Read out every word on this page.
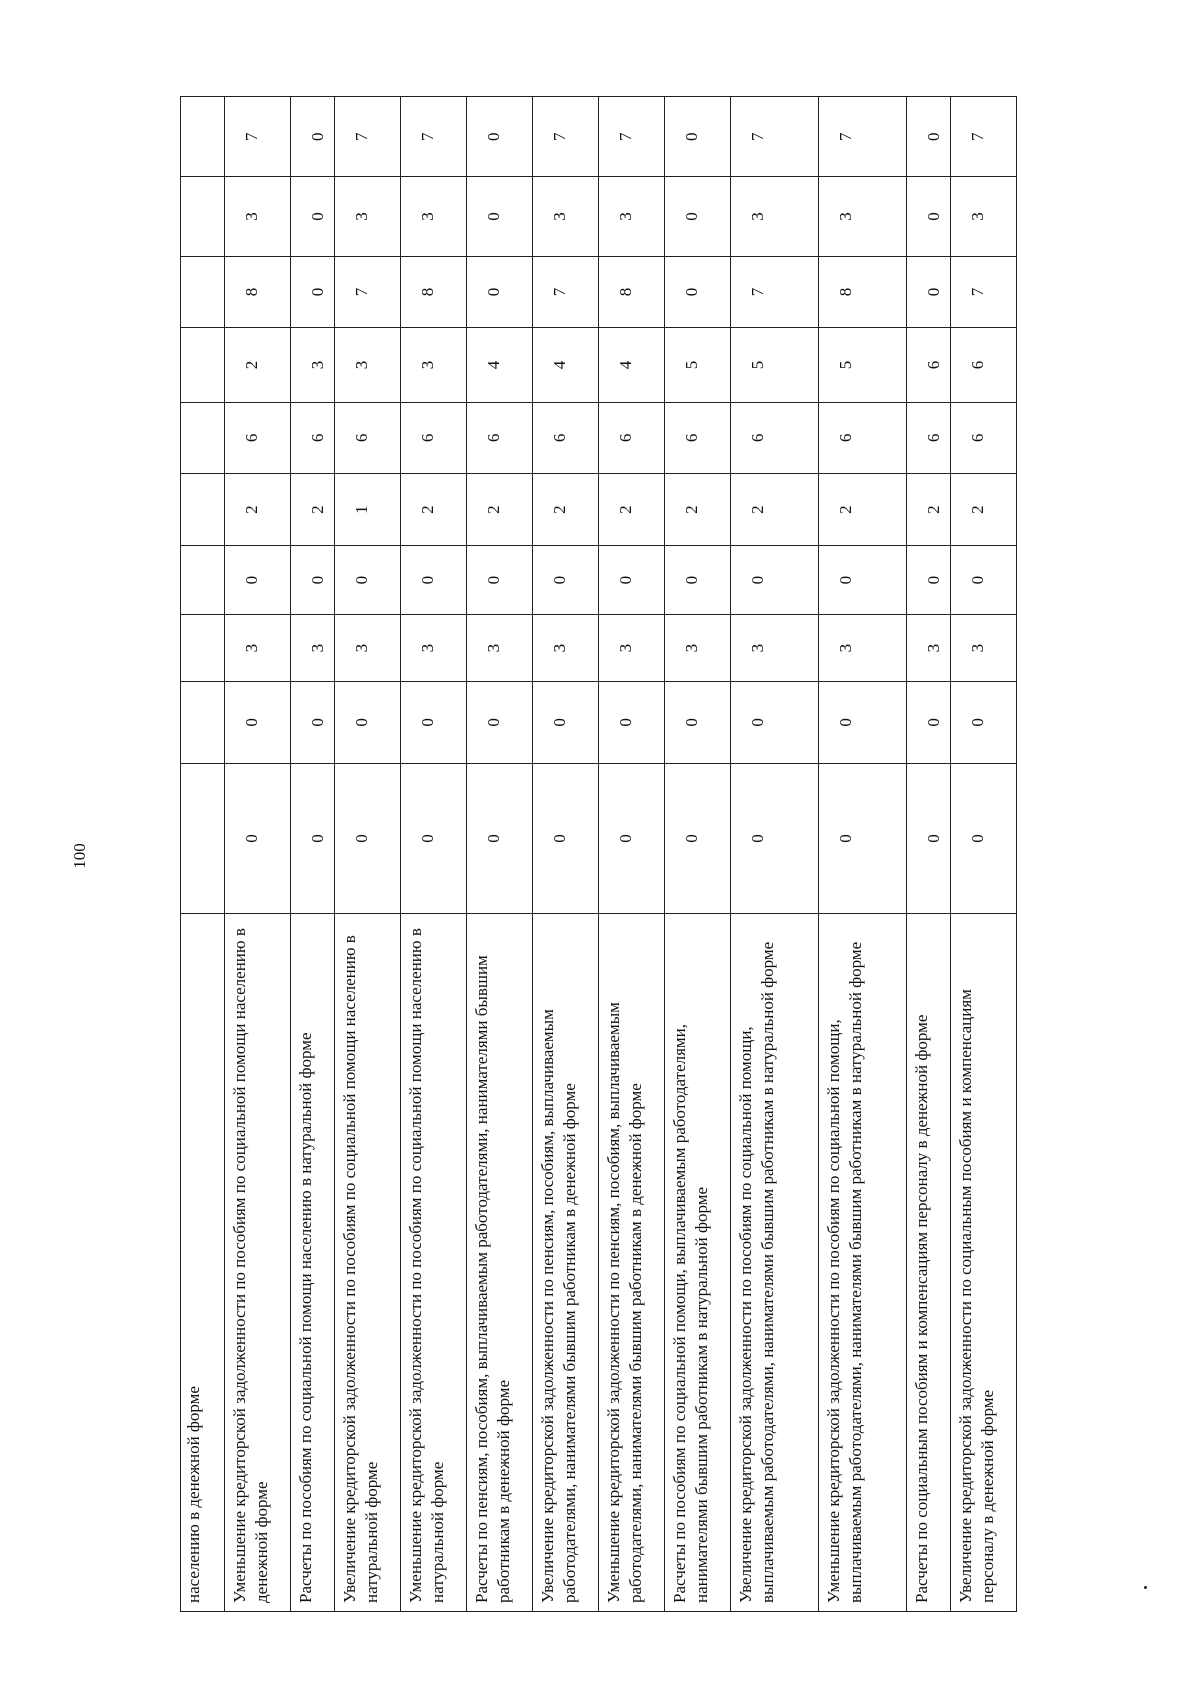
100
населению в денежной форме										
Уменьшение кредиторской задолженности по пособиям по социальной помощи населению в денежной форме	0	0	3	0	2	6	2	8	3	7
Расчеты по пособиям по социальной помощи населению в натуральной форме	0	0	3	0	2	6	3	0	0	0
Увеличение кредиторской задолженности по пособиям по социальной помощи населению в натуральной форме	0	0	3	0	1	6	3	7	3	7
Уменьшение кредиторской задолженности по пособиям по социальной помощи населению в натуральной форме	0	0	3	0	2	6	3	8	3	7
Расчеты по пенсиям, пособиям, выплачиваемым работодателями, нанимателями бывшим работникам в денежной форме	0	0	3	0	2	6	4	0	0	0
Увеличение кредиторской задолженности по пенсиям, пособиям, выплачиваемым работодателями, нанимателями бывшим работникам в денежной форме	0	0	3	0	2	6	4	7	3	7
Уменьшение кредиторской задолженности по пенсиям, пособиям, выплачиваемым работодателями, нанимателями бывшим работникам в денежной форме	0	0	3	0	2	6	4	8	3	7
Расчеты по пособиям по социальной помощи, выплачиваемым работодателями, нанимателями бывшим работникам в натуральной форме	0	0	3	0	2	6	5	0	0	0
Увеличение кредиторской задолженности по пособиям по социальной помощи, выплачиваемым работодателями, нанимателями бывшим работникам в натуральной форме	0	0	3	0	2	6	5	7	3	7
Уменьшение кредиторской задолженности по пособиям по социальной помощи, выплачиваемым работодателями, нанимателями бывшим работникам в натуральной форме	0	0	3	0	2	6	5	8	3	7
Расчеты по социальным пособиям и компенсациям персоналу в денежной форме	0	0	3	0	2	6	6	0	0	0
Увеличение кредиторской задолженности по социальным пособиям и компенсациям персоналу в денежной форме	0	0	3	0	2	6	6	7	3	7
